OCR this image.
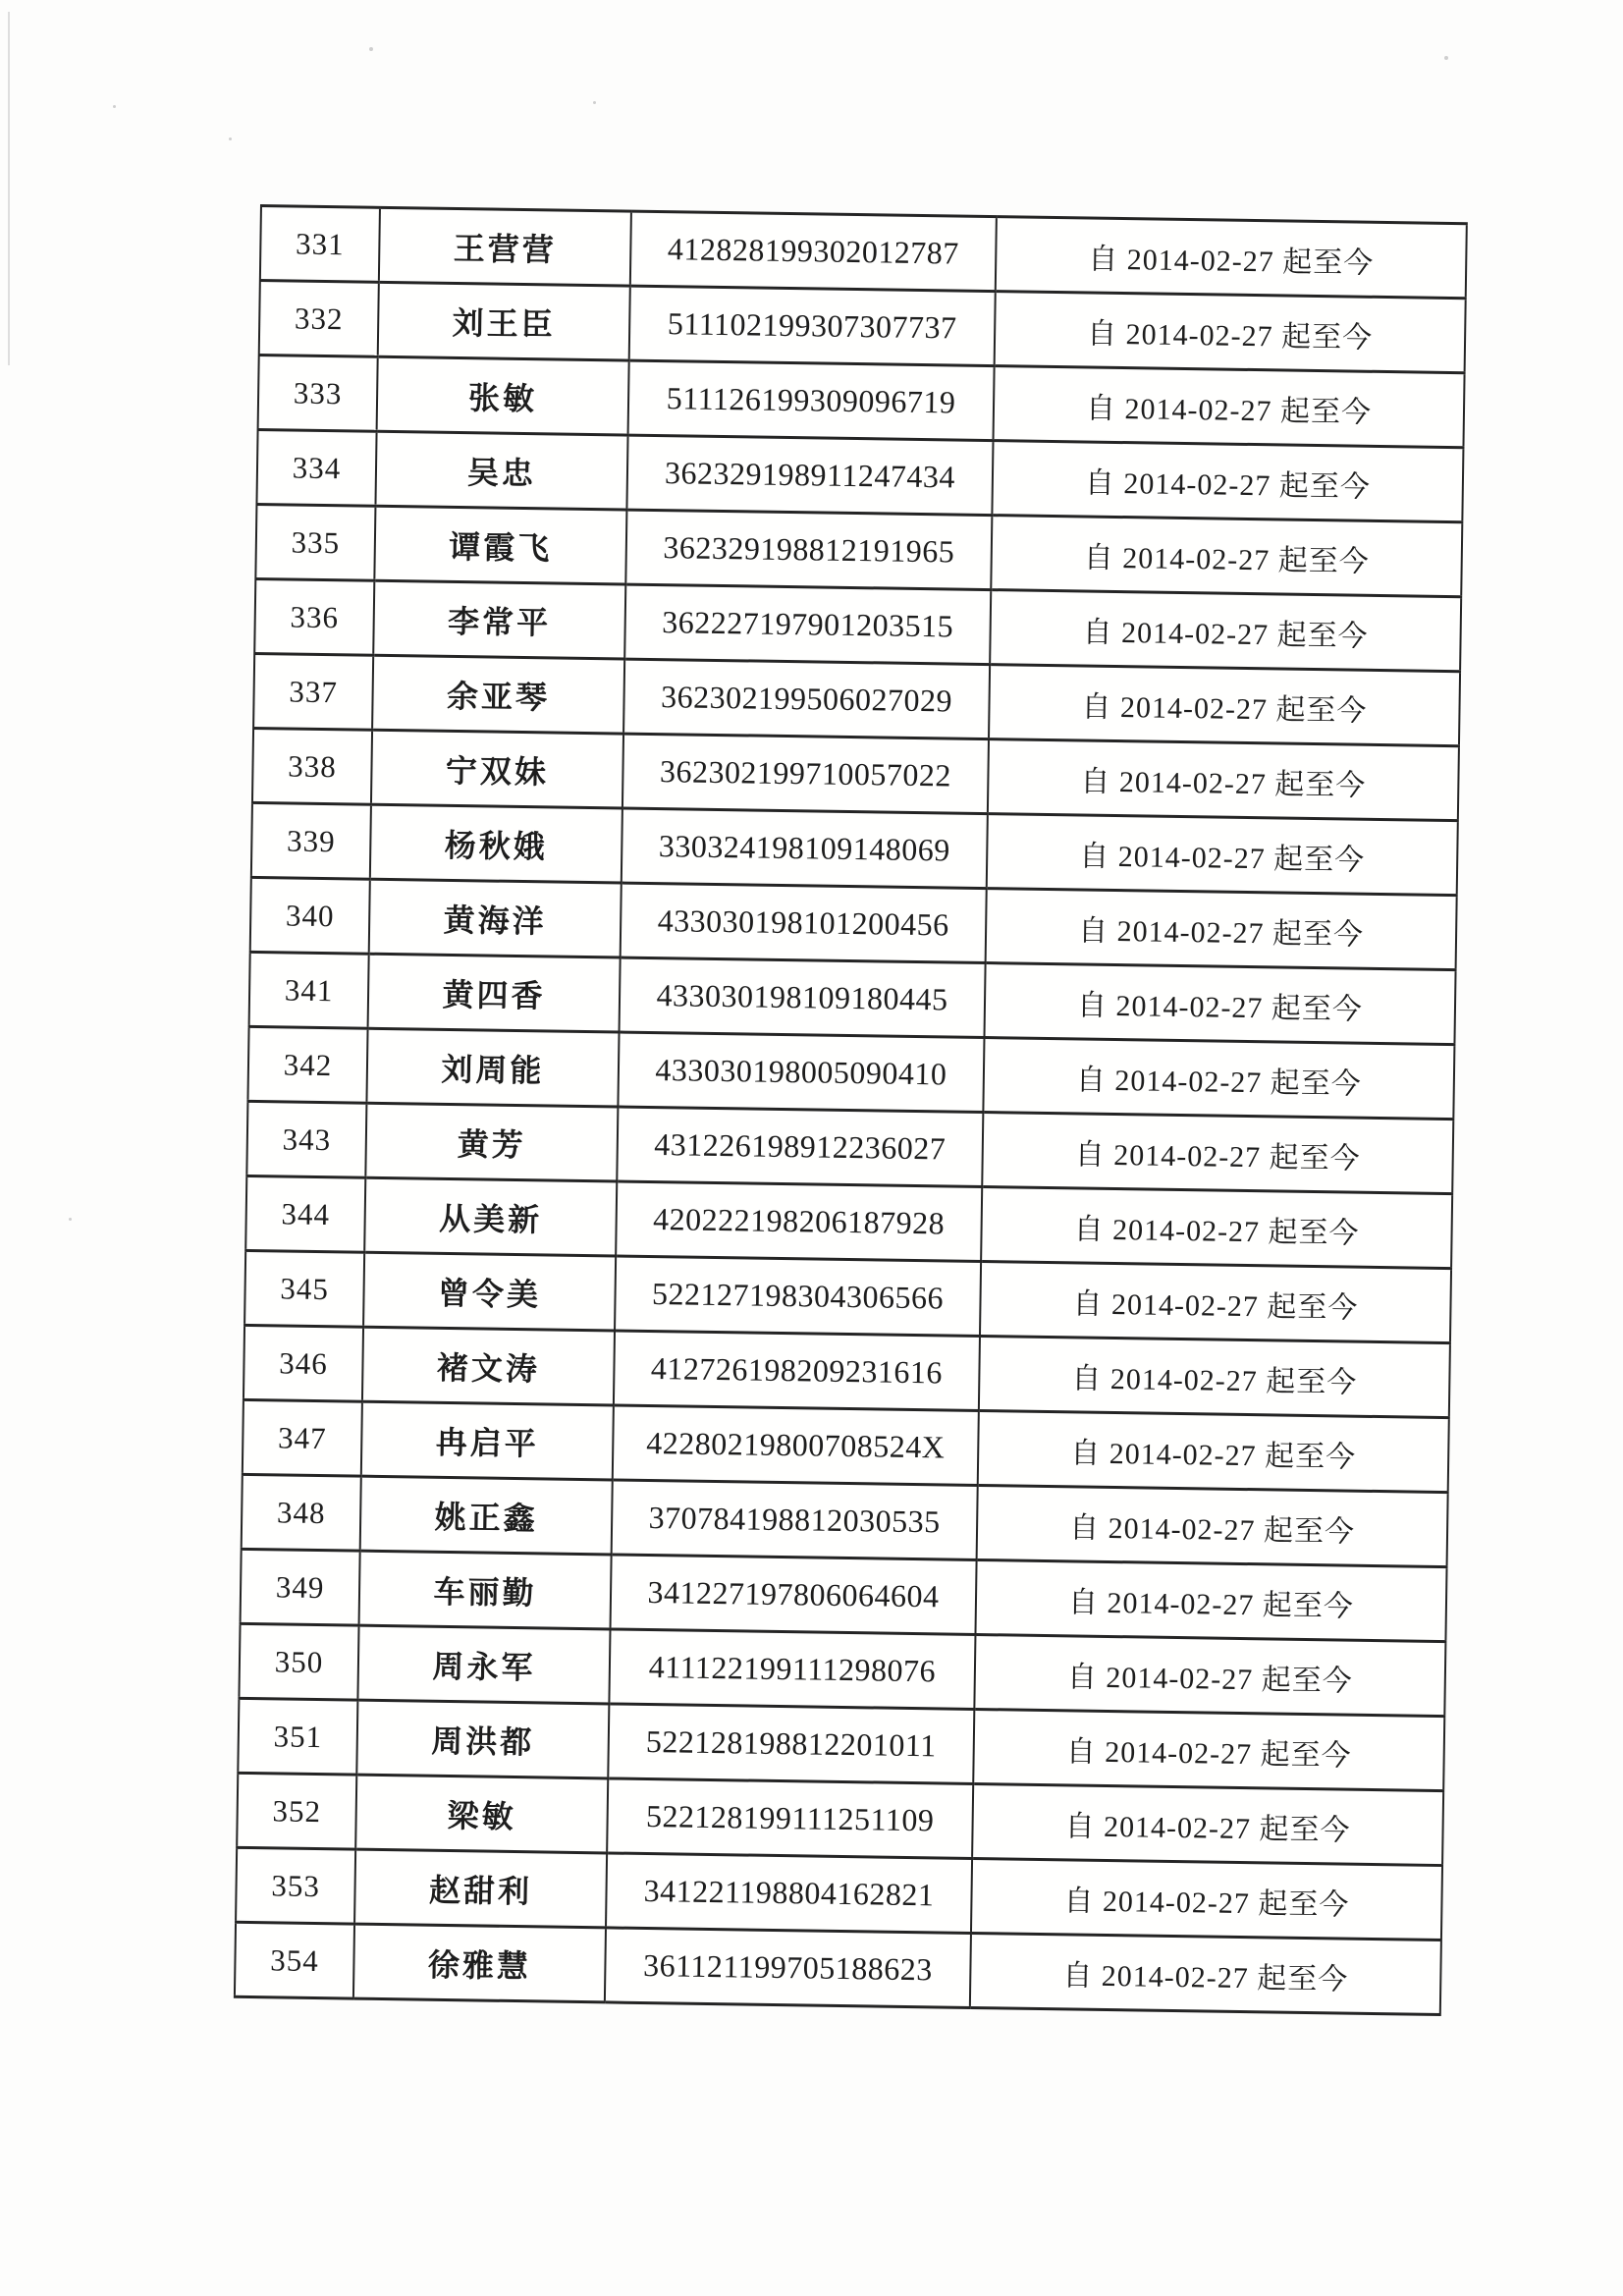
331	王营营	412828199302012787	自 2014-02-27 起至今
332	刘王臣	511102199307307737	自 2014-02-27 起至今
333	张敏	511126199309096719	自 2014-02-27 起至今
334	吴忠	362329198911247434	自 2014-02-27 起至今
335	谭霞飞	362329198812191965	自 2014-02-27 起至今
336	李常平	362227197901203515	自 2014-02-27 起至今
337	余亚琴	362302199506027029	自 2014-02-27 起至今
338	宁双妹	362302199710057022	自 2014-02-27 起至今
339	杨秋娥	330324198109148069	自 2014-02-27 起至今
340	黄海洋	433030198101200456	自 2014-02-27 起至今
341	黄四香	433030198109180445	自 2014-02-27 起至今
342	刘周能	433030198005090410	自 2014-02-27 起至今
343	黄芳	431226198912236027	自 2014-02-27 起至今
344	从美新	420222198206187928	自 2014-02-27 起至今
345	曾令美	522127198304306566	自 2014-02-27 起至今
346	褚文涛	412726198209231616	自 2014-02-27 起至今
347	冉启平	42280219800708524X	自 2014-02-27 起至今
348	姚正鑫	370784198812030535	自 2014-02-27 起至今
349	车丽勤	341227197806064604	自 2014-02-27 起至今
350	周永军	411122199111298076	自 2014-02-27 起至今
351	周洪都	522128198812201011	自 2014-02-27 起至今
352	梁敏	522128199111251109	自 2014-02-27 起至今
353	赵甜利	341221198804162821	自 2014-02-27 起至今
354	徐雅慧	361121199705188623	自 2014-02-27 起至今
